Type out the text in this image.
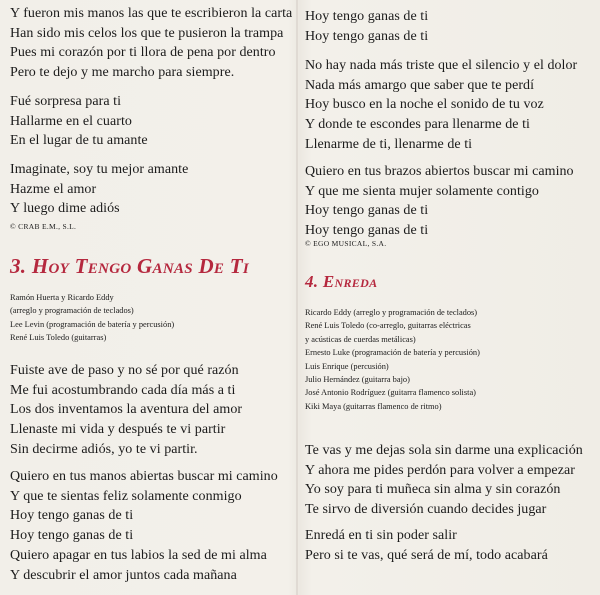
Y fueron mis manos las que te escribieron la carta
Han sido mis celos los que te pusieron la trampa
Pues mi corazón por ti llora de pena por dentro
Pero te dejo y me marcho para siempre.
Fué sorpresa para ti
Hallarme en el cuarto
En el lugar de tu amante
Imaginate, soy tu mejor amante
Hazme el amor
Y luego dime adiós
© CRAB E.M., S.L.
3. Hoy Tengo Ganas De Ti
Ramón Huerta y Ricardo Eddy
(arreglo y programación de teclados)
Lee Levin (programación de batería y percusión)
René Luis Toledo (guitarras)
Fuiste ave de paso y no sé por qué razón
Me fui acostumbrando cada día más a ti
Los dos inventamos la aventura del amor
Llenaste mi vida y después te vi partir
Sin decirme adiós, yo te vi partir.
Quiero en tus manos abiertas buscar mi camino
Y que te sientas feliz solamente conmigo
Hoy tengo ganas de ti
Hoy tengo ganas de ti
Quiero apagar en tus labios la sed de mi alma
Y descubrir el amor juntos cada mañana
Hoy tengo ganas de ti
Hoy tengo ganas de ti
No hay nada más triste que el silencio y el dolor
Nada más amargo que saber que te perdí
Hoy busco en la noche el sonido de tu voz
Y donde te escondes para llenarme de ti
Llenarme de ti, llenarme de ti
Quiero en tus brazos abiertos buscar mi camino
Y que me sienta mujer solamente contigo
Hoy tengo ganas de ti
Hoy tengo ganas de ti
© EGO MUSICAL, S.A.
4. Enreda
Ricardo Eddy (arreglo y programación de teclados)
René Luis Toledo (co-arreglo, guitarras eléctricas
y acústicas de cuerdas metálicas)
Ernesto Luke (programación de batería y percusión)
Luis Enrique (percusión)
Julio Hernández (guitarra bajo)
José Antonio Rodríguez (guitarra flamenco solista)
Kiki Maya (guitarras flamenco de ritmo)
Te vas y me dejas sola sin darme una explicación
Y ahora me pides perdón para volver a empezar
Yo soy para ti muñeca sin alma y sin corazón
Te sirvo de diversión cuando decides jugar
Enredá en ti sin poder salir
Pero si te vas, qué será de mí, todo acabará
